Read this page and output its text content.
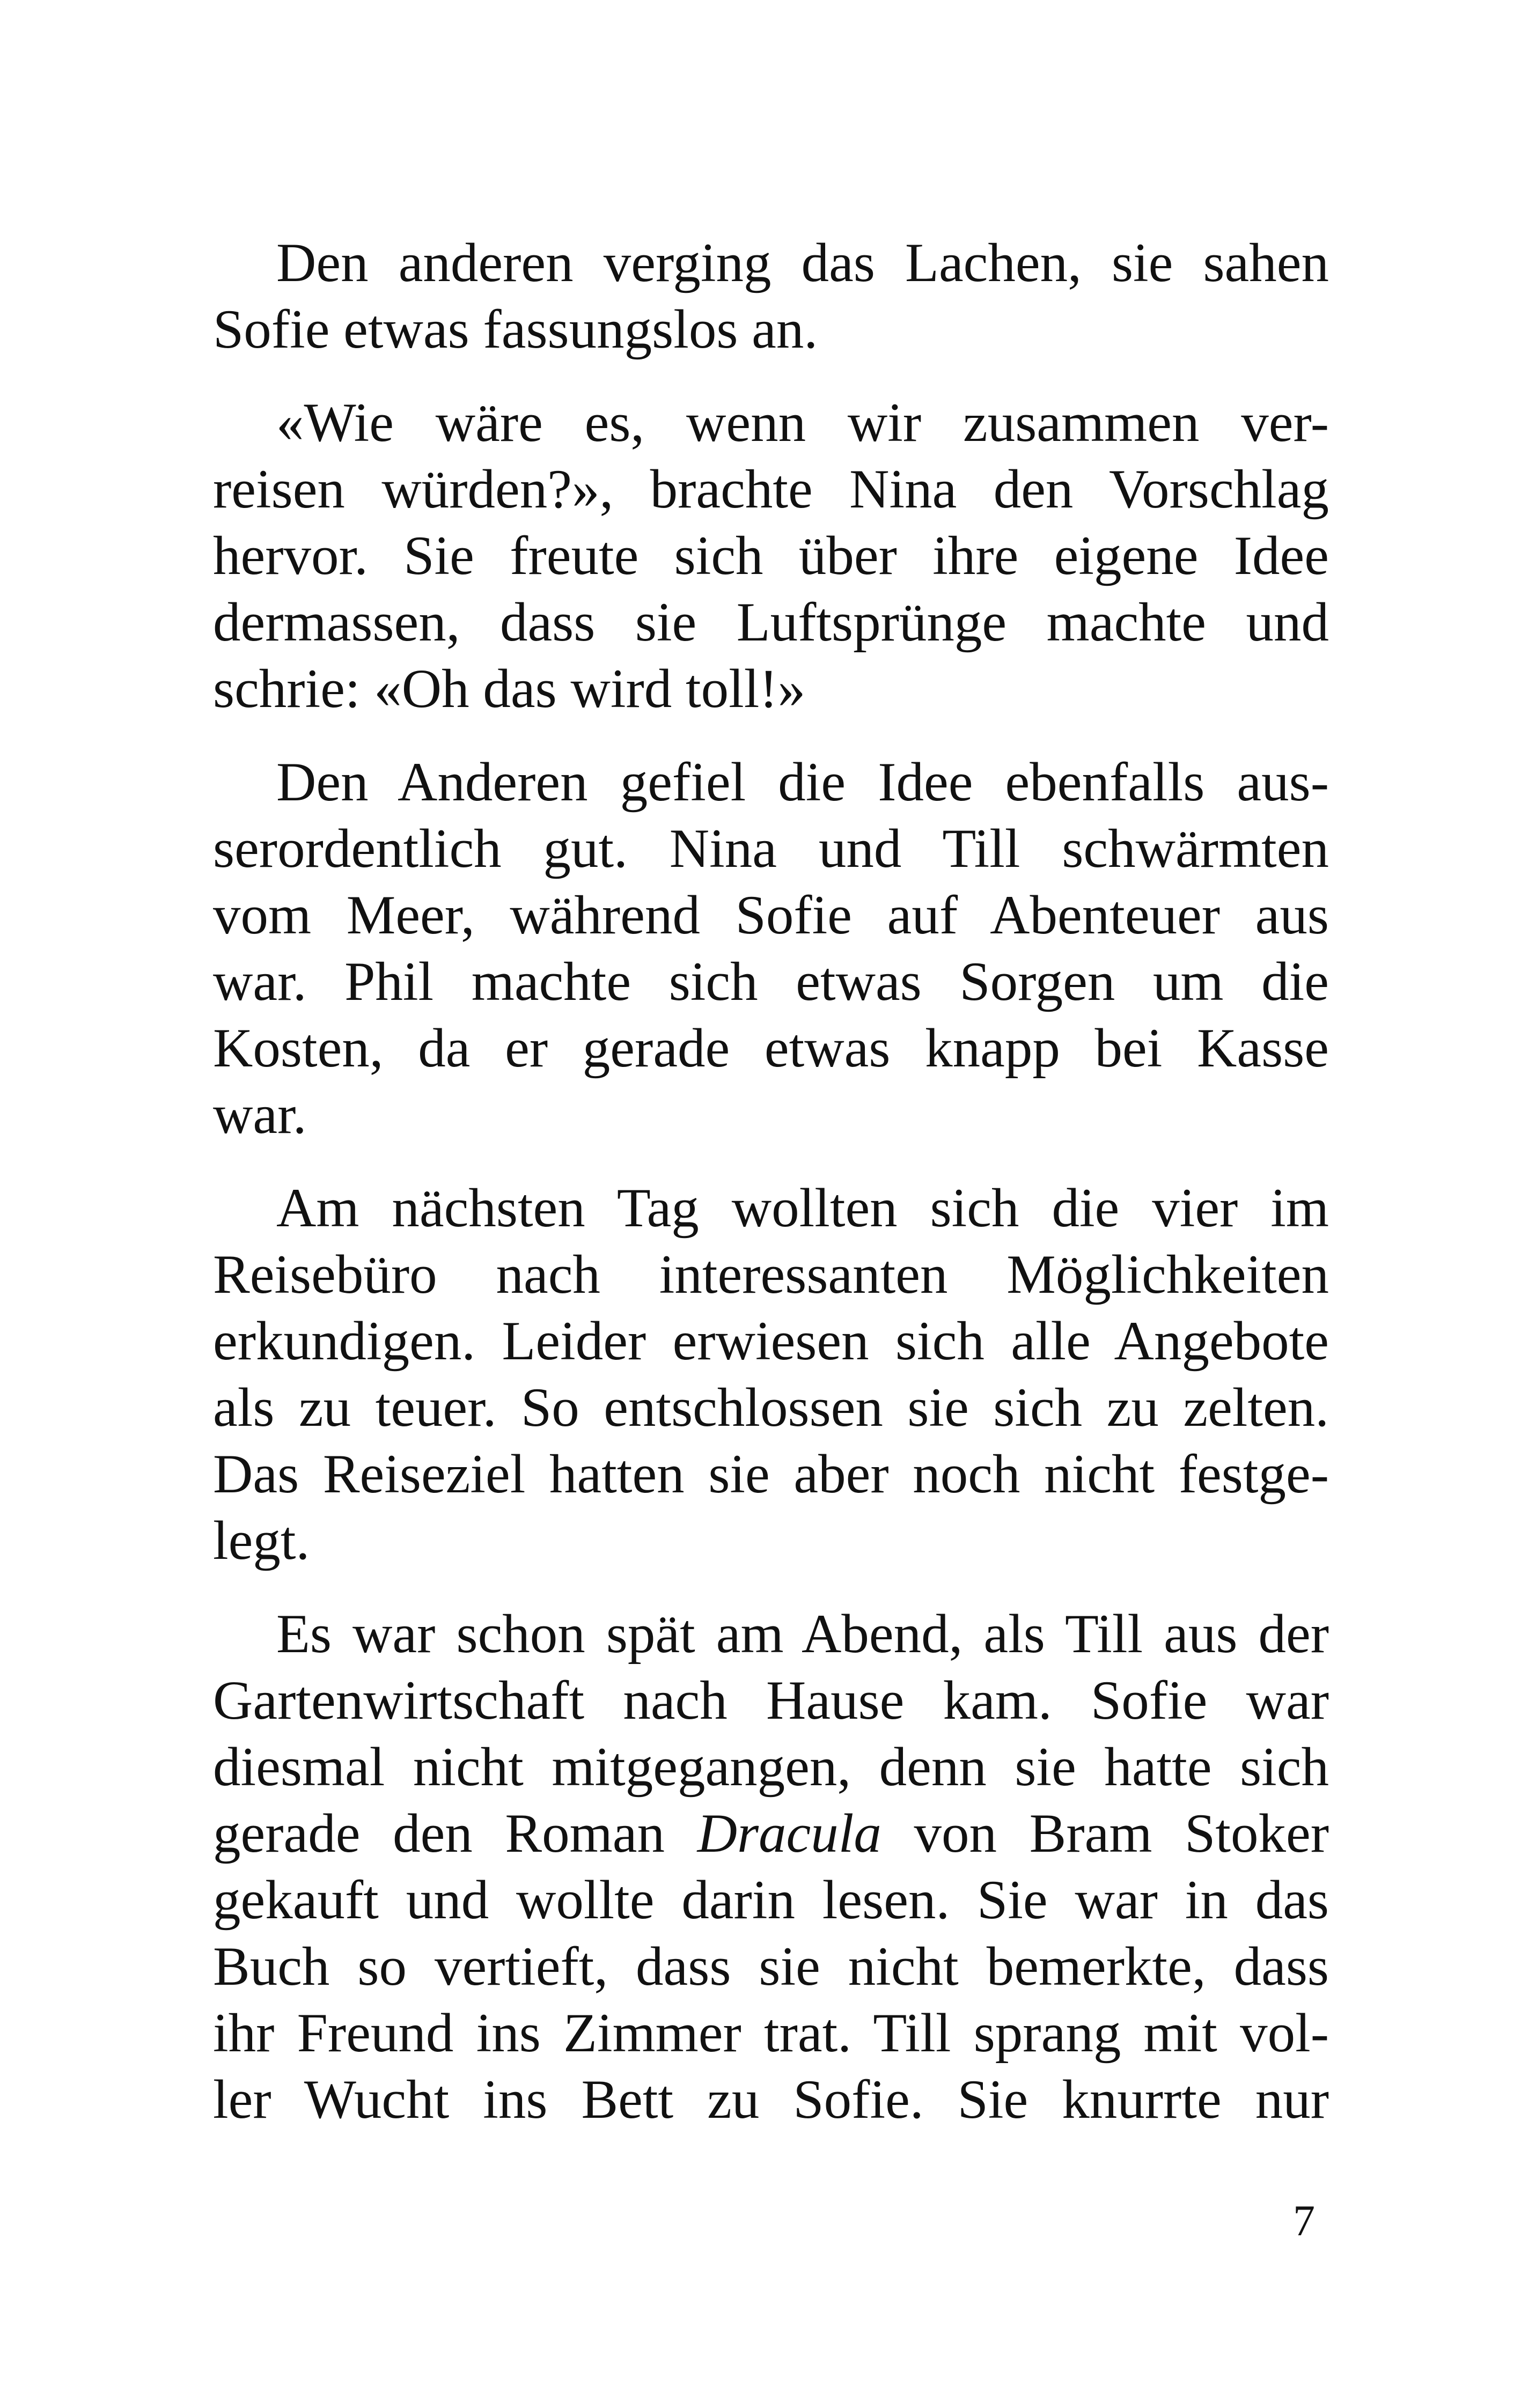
Den anderen verging das Lachen, sie sahen

Sofie etwas fassungslos an.

«Wie wäre es, wenn wir zusammen ver-

reisen würden?», brachte Nina den Vorschlag

hervor. Sie freute sich über ihre eigene Idee

dermassen, dass sie Luftsprünge machte und

schrie: «Oh das wird toll!»

Den Anderen gefiel die Idee ebenfalls aus-

serordentlich gut. Nina und Till schwärmten

vom Meer, während Sofie auf Abenteuer aus

war. Phil machte sich etwas Sorgen um die

Kosten, da er gerade etwas knapp bei Kasse

war.

Am nächsten Tag wollten sich die vier im

Reisebüro nach interessanten Möglichkeiten

erkundigen. Leider erwiesen sich alle Angebote

als zu teuer. So entschlossen sie sich zu zelten.

Das Reiseziel hatten sie aber noch nicht festge-

legt.

Es war schon spät am Abend, als Till aus der

Gartenwirtschaft nach Hause kam. Sofie war

diesmal nicht mitgegangen, denn sie hatte sich

gerade den Roman Dracula von Bram Stoker

gekauft und wollte darin lesen. Sie war in das

Buch so vertieft, dass sie nicht bemerkte, dass

ihr Freund ins Zimmer trat. Till sprang mit vol-

ler Wucht ins Bett zu Sofie. Sie knurrte nur

7
